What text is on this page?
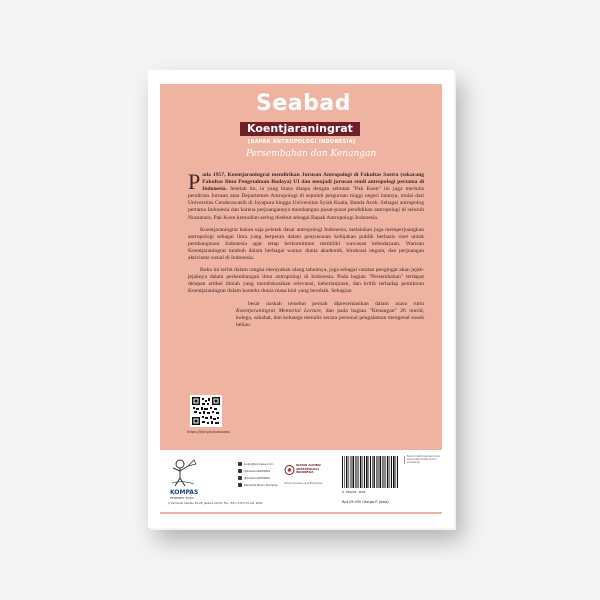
Seabad
Koentjaraningrat
[BAPAK ANTROPOLOGI INDONESIA]
Persembahan dan Kenangan

Pada 1957, Koentjaraningrat mendirikan Jurusan Antropologi di Fakultas Sastra (sekarang Fakultas Ilmu Pengetahuan Budaya) UI dan menjadi jurusan studi antropologi pertama di Indonesia. Setelah itu, ia yang biasa disapa dengan sebutan "Pak Koen" ini juga merintis pendirian Jurusan atau Departemen Antropologi di sepuluh perguruan tinggi negeri lainnya, mulai dari Universitas Cenderawasih di Jayapura hingga Universitas Syiah Kuala, Banda Aceh. Sebagai antropolog pertama Indonesia dan karena perjuangannya membangun pusat-pusat pendidikan antropologi di seluruh Nusantara, Pak Koen kemudian sering disebut sebagai Bapak Antropologi Indonesia.

Koentjaraningrat bukan saja peletak dasar antropologi Indonesia, melainkan juga memperjuangkan antropologi sebagai ilmu yang berperan dalam penyusunan kebijakan publik berbasis riset untuk pembangunan Indonesia agar tetap berkomitmen memiliki wawasan kebudayaan. Warisan Koentjaraningrat tumbuh dalam berbagai warna: dunia akademik, birokrasi negara, dan perjuangan aktivisme sosial di Indonesia.

Buku ini terbit dalam rangka merayakan ulang tahunnya, juga sebagai catatan pengingat akan jejak-jejaknya dalam perkembangan ilmu antropologi di Indonesia. Pada bagian "Persembahan" terdapat delapan artikel ilmiah yang mendiskusikan relevansi, keberlanjutan, dan kritik terhadap pemikiran Koentjaraningrat dalam konteks dunia masa kini yang berubah. Sebagian

besar naskah tersebut pernah dipresentasikan dalam acara rutin Koentjaraningrat Memorial Lecture, dan pada bagian "Kenangan" 26 murid, kolega, sahabat, dan keluarga menulis secara personal pengalaman mengenal sosok beliau.

https://bit.ly/kobukuseas
KOMPAS
PENERBIT BUKU
Jl. Palmerah Selatan 26-28, Jakarta 10270, Fax. (021) 5347715 ext. 9696
buku@kompas.com
@kobukuKOMPAS
@kobukuKOMPAS
Penerbit Buku Kompas
IKATAN ALUMNI ANTROPOLOGI INDONESIA
Untuk Indonesia yang Berbudaya
9 786234 1034
Rp129.000 (Harga P. Jawa)
Buku ini terbit atas hasil kerja sama antara Ikatan Alumni Antropologi
